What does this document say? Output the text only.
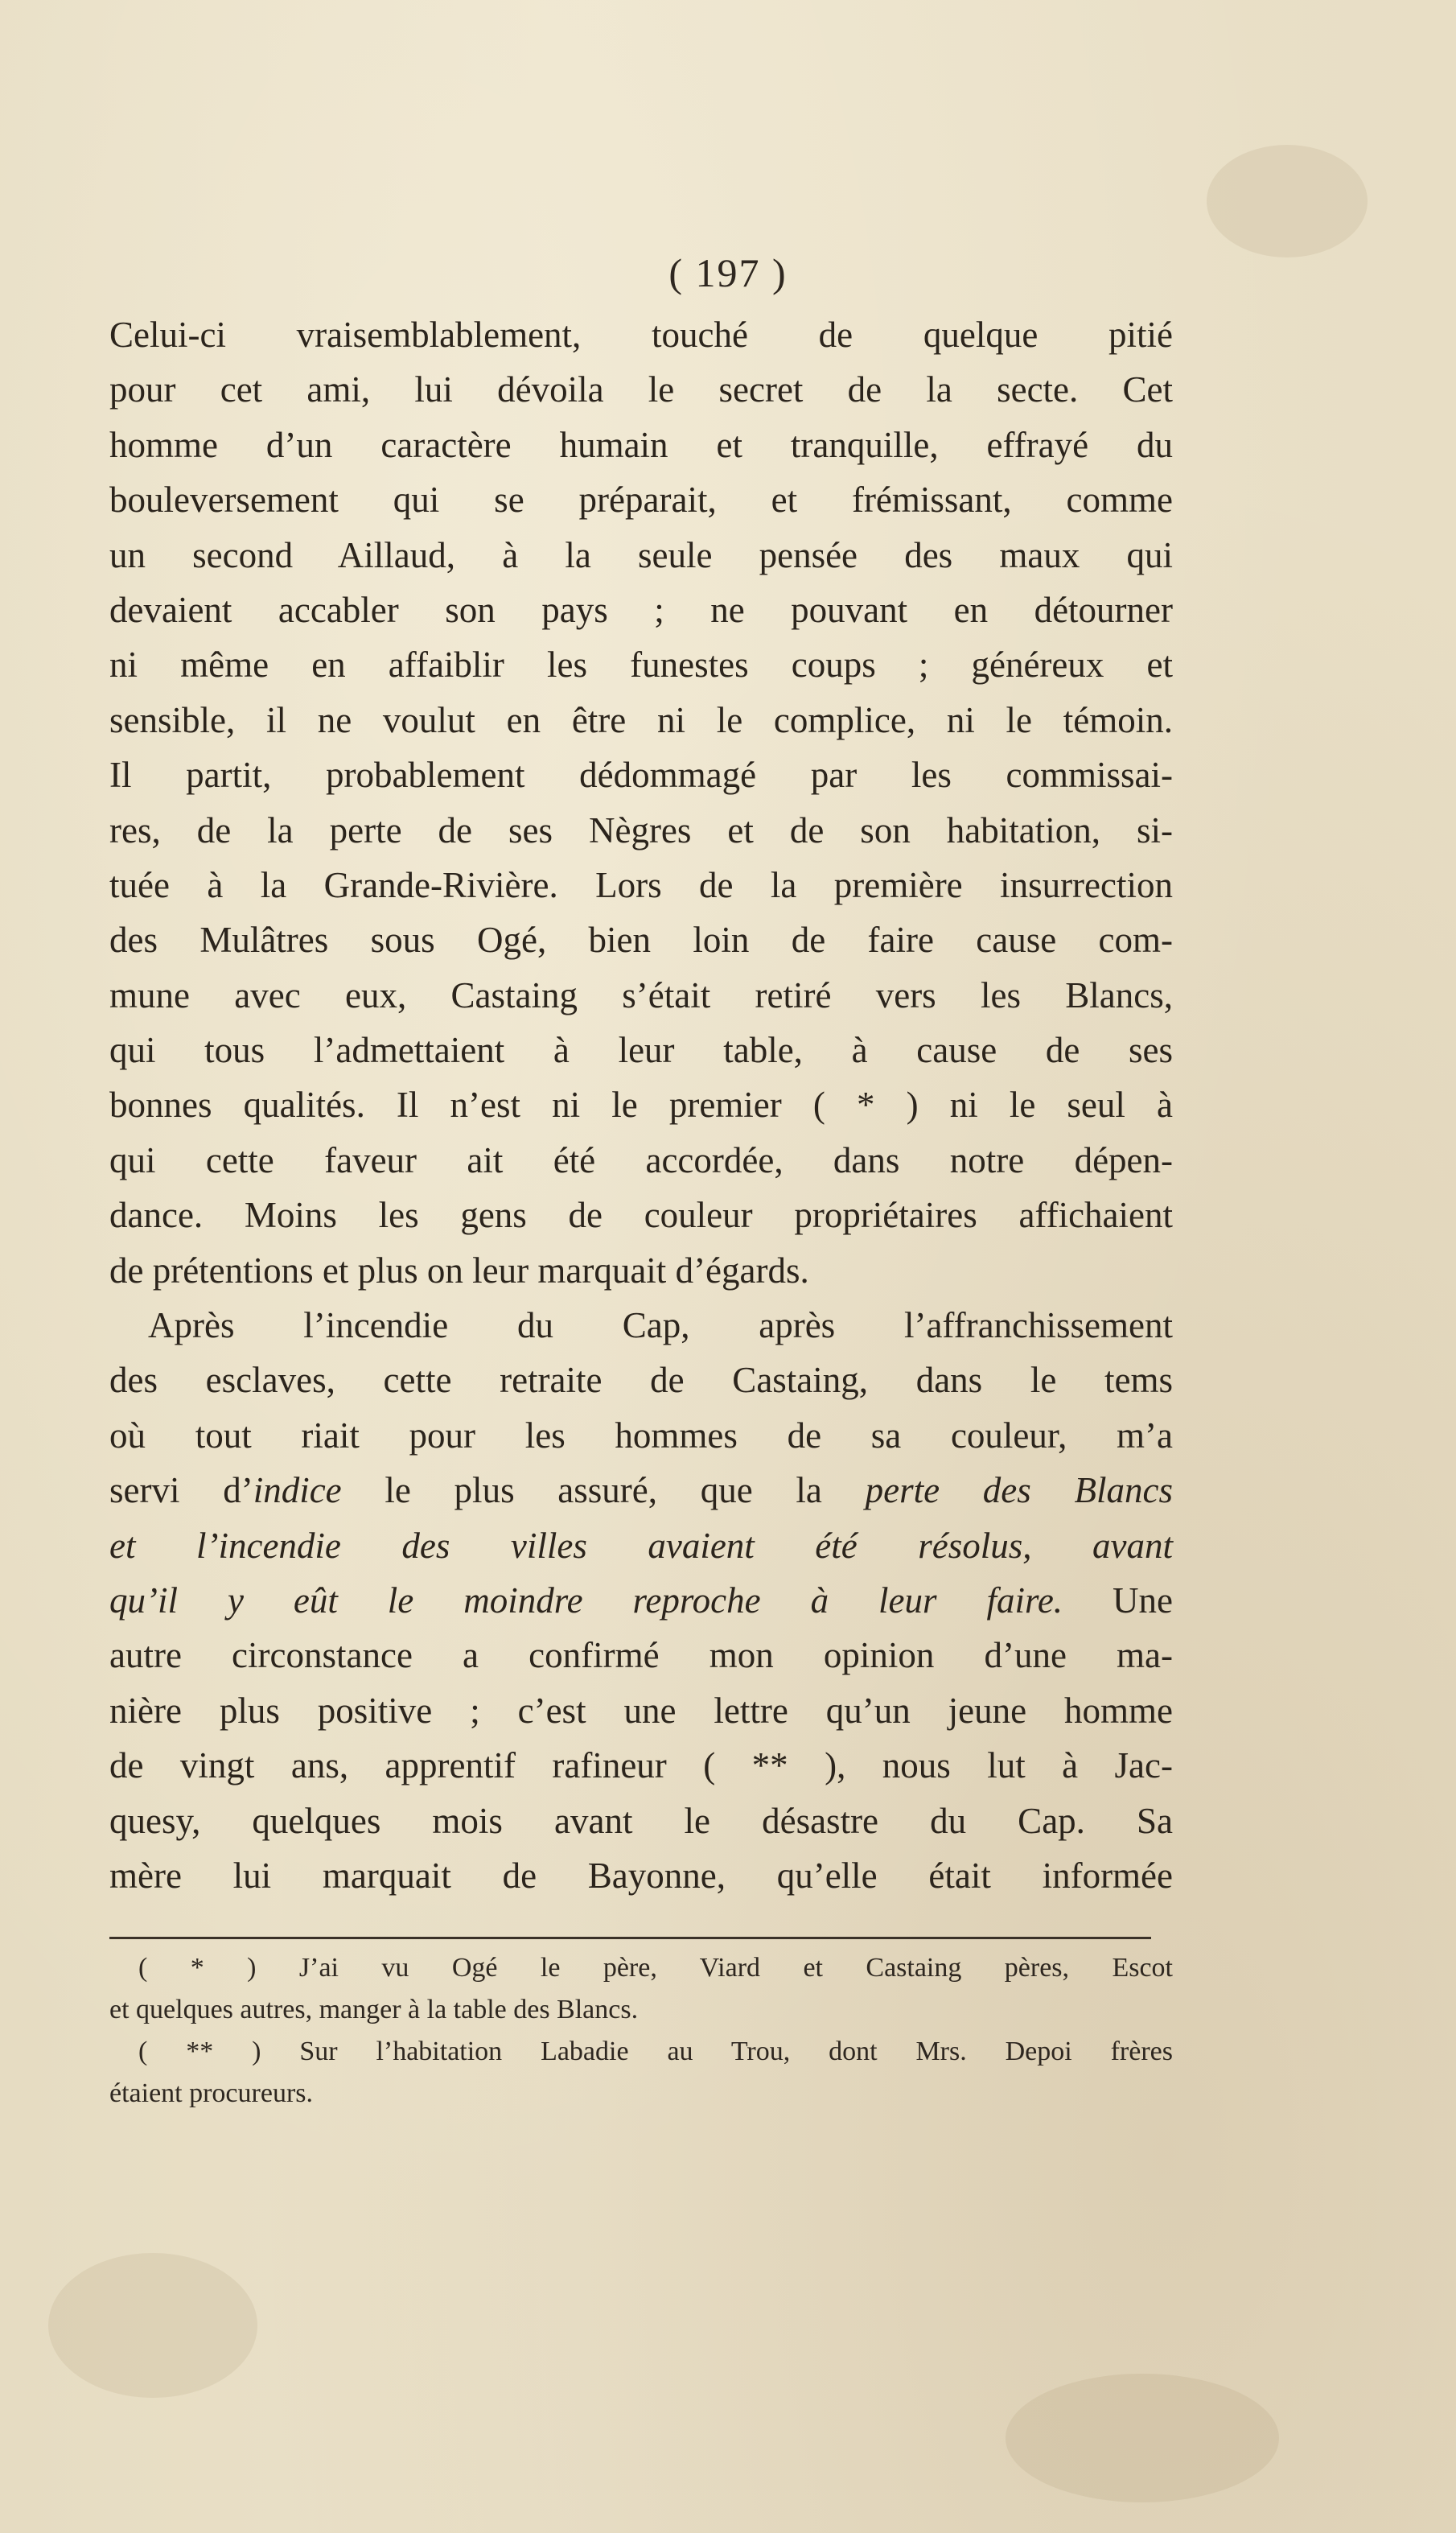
( 197 )
Celui-ci vraisemblablement, touché de quelque pitié
pour cet ami, lui dévoila le secret de la secte. Cet
homme d’un caractère humain et tranquille, effrayé du
bouleversement qui se préparait, et frémissant, comme
un second Aillaud, à la seule pensée des maux qui
devaient accabler son pays ; ne pouvant en détourner
ni même en affaiblir les funestes coups ; généreux et
sensible, il ne voulut en être ni le complice, ni le témoin.
Il partit, probablement dédommagé par les commissai-
res, de la perte de ses Nègres et de son habitation, si-
tuée à la Grande-Rivière. Lors de la première insurrection
des Mulâtres sous Ogé, bien loin de faire cause com-
mune avec eux, Castaing s’était retiré vers les Blancs,
qui tous l’admettaient à leur table, à cause de ses
bonnes qualités. Il n’est ni le premier ( * ) ni le seul à
qui cette faveur ait été accordée, dans notre dépen-
dance. Moins les gens de couleur propriétaires affichaient
de prétentions et plus on leur marquait d’égards.
Après l’incendie du Cap, après l’affranchissement
des esclaves, cette retraite de Castaing, dans le tems
où tout riait pour les hommes de sa couleur, m’a
servi d’indice le plus assuré, que la perte des Blancs
et l’incendie des villes avaient été résolus, avant
qu’il y eût le moindre reproche à leur faire. Une
autre circonstance a confirmé mon opinion d’une ma-
nière plus positive ; c’est une lettre qu’un jeune homme
de vingt ans, apprentif rafineur ( ** ), nous lut à Jac-
quesy, quelques mois avant le désastre du Cap. Sa
mère lui marquait de Bayonne, qu’elle était informée
( * ) J’ai vu Ogé le père, Viard et Castaing pères, Escot
et quelques autres, manger à la table des Blancs.
( ** ) Sur l’habitation Labadie au Trou, dont Mrs. Depoi frères
étaient procureurs.
